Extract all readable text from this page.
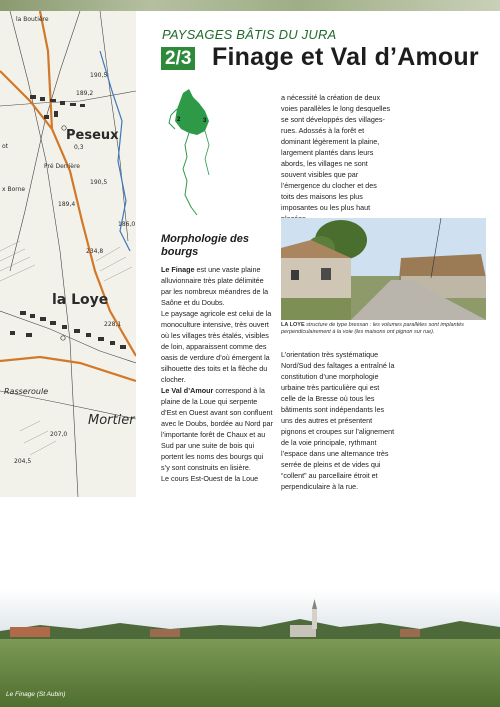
la Boutière
190,5
189,2
Peseux
0,3
ot
Pré Derrière
x Borne
190,5
189,4
186,0
234,8
la Loye
228,1
Rasseroule
Mortier
207,0
204,5
PAYSAGES BÂTIS DU JURA
2/3 Finage et Val d’Amour
2	3

a nécessité la création de deux voies parallèles le long desquelles se sont développés des villages-rues. Adossés à la forêt et dominant légèrement la plaine, largement plantés dans leurs abords, les villages ne sont souvent visibles que par l’émergence du clocher et des toits des maisons les plus imposantes ou les plus haut

Morphologie des bourgs

Le Finage est une vaste plaine alluvionnaire très plate délimitée par les nombreux méandres de la Saône et du Doubs.

Le paysage agricole est celui de la monoculture intensive, très ouvert où les villages très étalés, visibles de loin, apparaissent comme des oasis de verdure d’où émergent la silhouette des toits et la flèche du clocher.

Le Val d’Amour correspond à la plaine de la Loue qui serpente d’Est en Ouest avant son confluent avec le Doubs, bordée au Nord par l’importante forêt de Chaux et au Sud par une suite de bois qui portent les noms des bourgs qui s’y sont construits en lisière.

Le cours Est-Ouest de la Loue

LA LOYE structure de type bressan : les volumes parallèles sont implantés perpendiculairement à la voie (les maisons ont pignon sur rue).

L’orientation très systématique Nord/Sud des faîtages a entraîné la constitution d’une morphologie urbaine très particulière qui est celle de la Bresse où tous les bâtiments sont indépendants les uns des autres et présentent pignons et croupes sur l’alignement de la voie principale, rythmant l’espace dans une alternance très serrée de pleins et de vides qui “collent” au parcellaire étroit et perpendiculaire à la rue.

Le Finage (St Aubin)
